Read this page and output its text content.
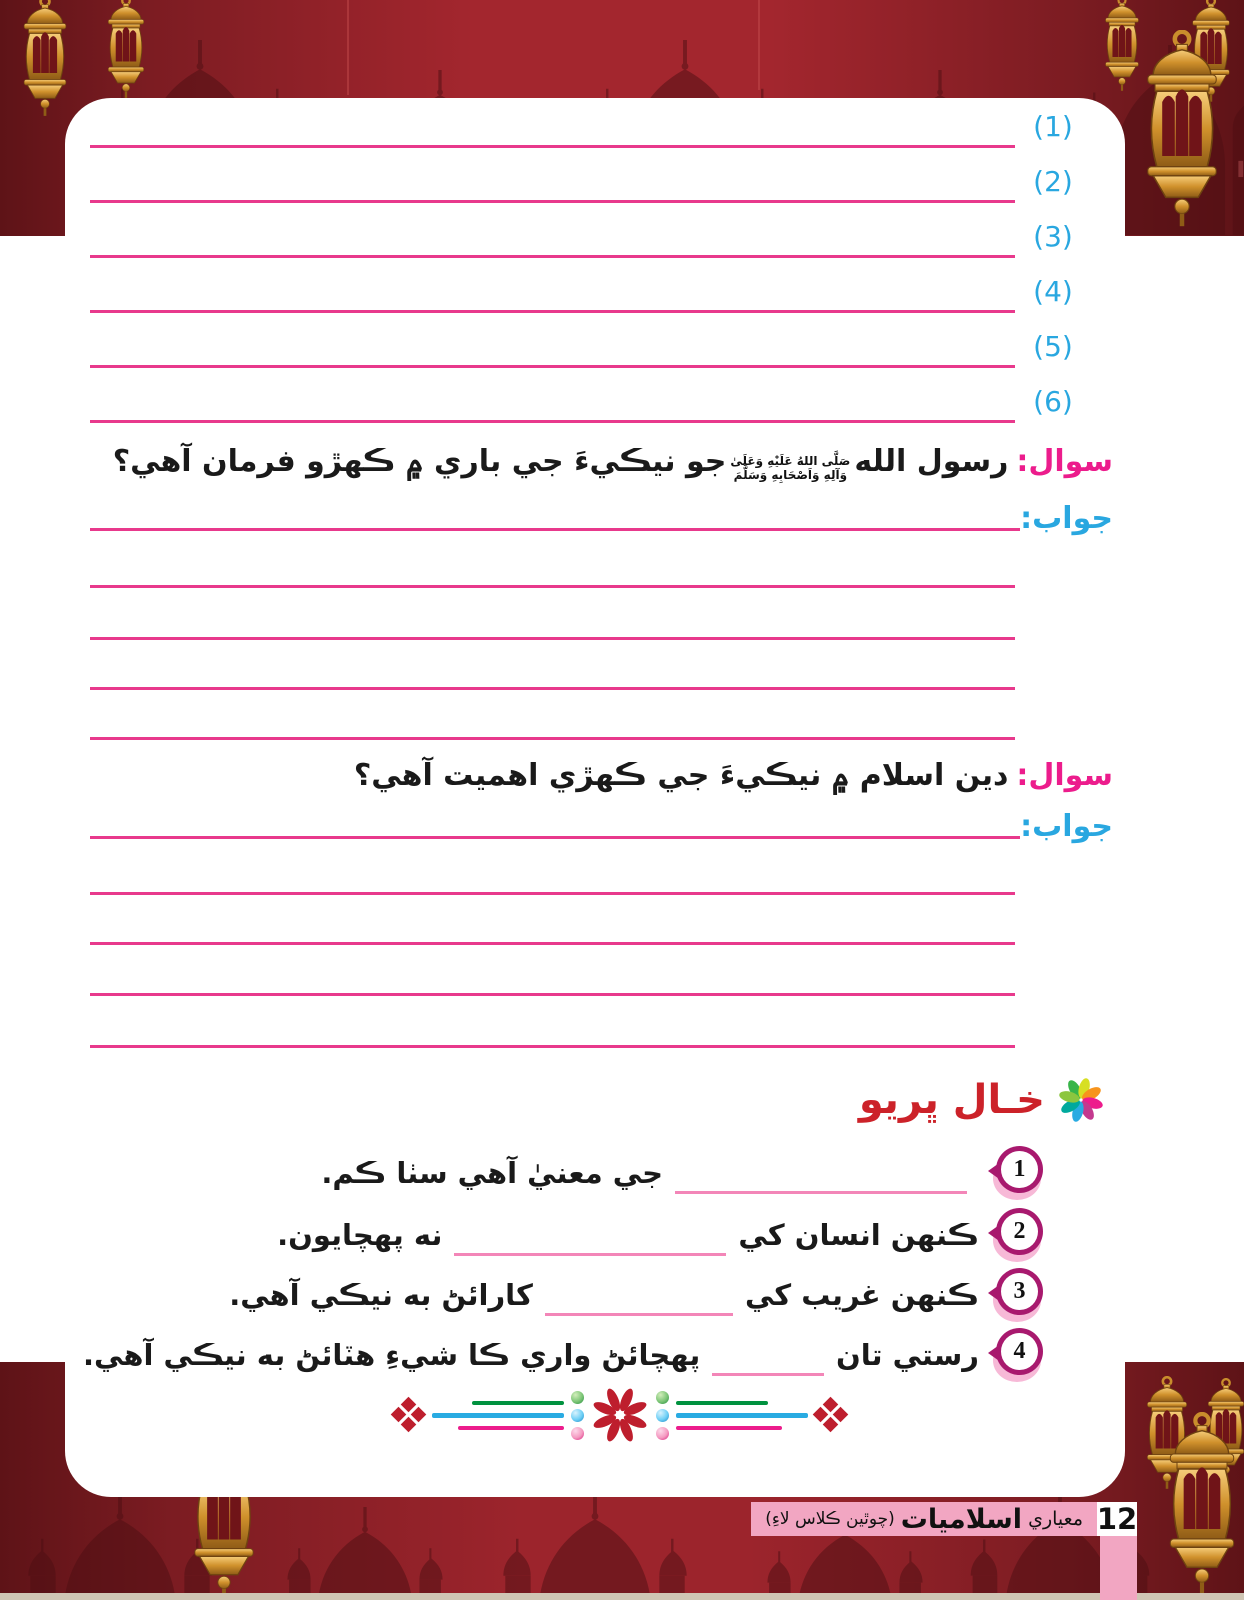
(1)
(2)
(3)
(4)
(5)
(6)
سوال:رسول اللهصَلَّى اللهُ عَلَيْهِ وَعَلَىٰ
وَآلِهِ وَاَصْحَابِهِ وَسَلَّمَجو نيڪيءَ جي باري ۾ ڪهڙو فرمان آهي؟
جواب:
سوال:دين اسلام ۾ نيڪيءَ جي ڪهڙي اهميت آهي؟
جواب:
خـال ڀريو
1
جي معنيٰ آهي سٺا ڪم.
2
ڪنهن انسان کي
نه پهچايون.
3
ڪنهن غريب کي
کارائڻ به نيڪي آهي.
4
رستي تان
پهچائڻ واري ڪا شيءِ هٽائڻ به نيڪي آهي.
معياري
اسلاميات
(چوٿين ڪلاس لاءِ)	12
